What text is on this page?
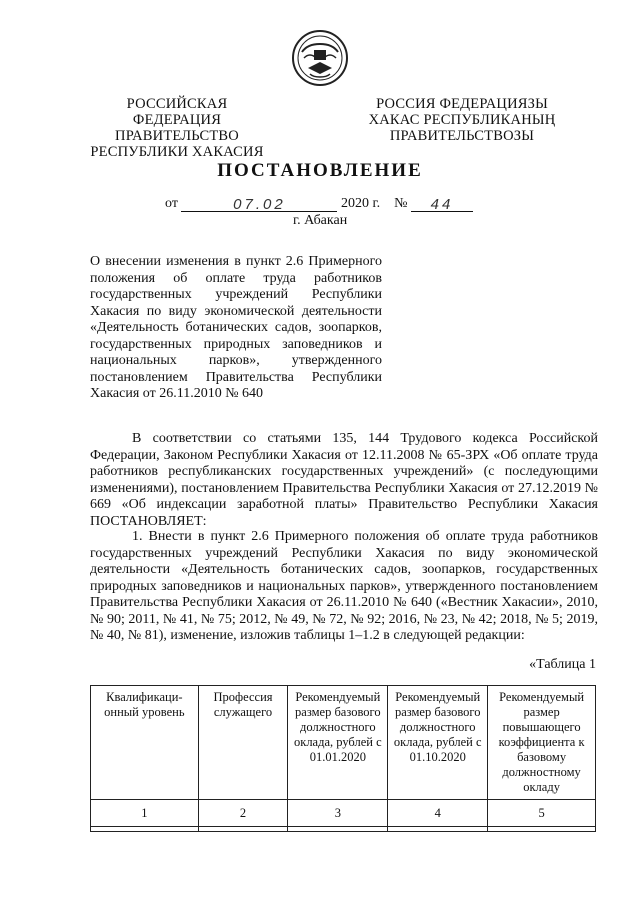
РОССИЙСКАЯ ФЕДЕРАЦИЯ
ПРАВИТЕЛЬСТВО
РЕСПУБЛИКИ ХАКАСИЯ
РОССИЯ ФЕДЕРАЦИЯЗЫ
ХАКАС РЕСПУБЛИКАНЫҢ
ПРАВИТЕЛЬСТВОЗЫ
ПОСТАНОВЛЕНИЕ
от	07.02	2020 г. № 44
г. Абакан
О внесении изменения в пункт 2.6 Примерного положения об оплате труда работников государственных учреждений Республики Хакасия по виду экономической деятельности «Деятельность ботанических садов, зоопарков, государственных природных заповедников и национальных парков», утвержденного постановлением Правительства Республики Хакасия от 26.11.2010 № 640

В соответствии со статьями 135, 144 Трудового кодекса Российской Федерации, Законом Республики Хакасия от 12.11.2008 № 65-ЗРХ «Об оплате труда работников республиканских государственных учреждений» (с последующими изменениями), постановлением Правительства Республики Хакасия от 27.12.2019 № 669 «Об индексации заработной платы» Правительство Республики Хакасия ПОСТАНОВЛЯЕТ:

1. Внести в пункт 2.6 Примерного положения об оплате труда работников государственных учреждений Республики Хакасия по виду экономической деятельности «Деятельность ботанических садов, зоопарков, государственных природных заповедников и национальных парков», утвержденного постановлением Правительства Республики Хакасия от 26.11.2010 № 640 («Вестник Хакасии», 2010, № 90; 2011, № 41, № 75; 2012, № 49, № 72, № 92; 2016, № 23, № 42; 2018, № 5; 2019, № 40, № 81), изменение, изложив таблицы 1–1.2 в следующей редакции:

«Таблица 1
Квалификаци-онный уровень	Профессия служащего	Рекомендуемый размер базового должностного оклада, рублей с 01.01.2020	Рекомендуемый размер базового должностного оклада, рублей с 01.10.2020	Рекомендуемый размер повышающего коэффициента к базовому должностному окладу
1	2	3	4	5
